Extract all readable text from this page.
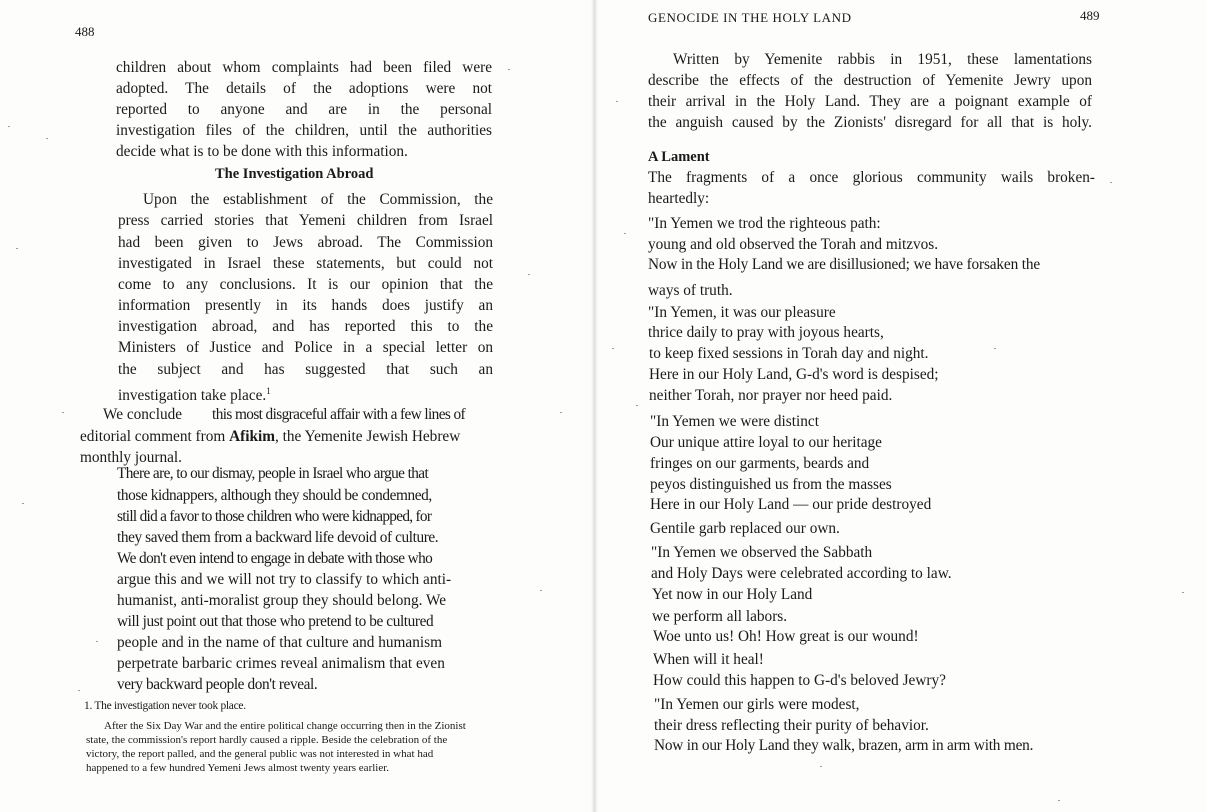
488
children about whom complaints had been filed were
adopted. The details of the adoptions were not
reported to anyone and are in the personal
investigation files of the children, until the authorities
decide what is to be done with this information.
The Investigation Abroad
Upon the establishment of the Commission, the
press carried stories that Yemeni children from Israel
had been given to Jews abroad. The Commission
investigated in Israel these statements, but could not
come to any conclusions. It is our opinion that the
information presently in its hands does justify an
investigation abroad, and has reported this to the
Ministers of Justice and Police in a special letter on
the subject and has suggested that such an
investigation take place.$^1$
We conclude this most disgraceful affair with a few lines of
editorial comment from Afikim, the Yemenite Jewish Hebrew
monthly journal.
There are, to our dismay, people in Israel who argue that
those kidnappers, although they should be condemned,
still did a favor to those children who were kidnapped, for
they saved them from a backward life devoid of culture.
We don't even intend to engage in debate with those who
argue this and we will not try to classify to which anti-
humanist, anti-moralist group they should belong. We
will just point out that those who pretend to be cultured
people and in the name of that culture and humanism
perpetrate barbaric crimes reveal animalism that even
very backward people don't reveal.
1. The investigation never took place.
After the Six Day War and the entire political change occurring then in the Zionist
state, the commission's report hardly caused a ripple. Beside the celebration of the
victory, the report palled, and the general public was not interested in what had
happened to a few hundred Yemeni Jews almost twenty years earlier.
GENOCIDE IN THE HOLY LAND	489
Written by Yemenite rabbis in 1951, these lamentations
describe the effects of the destruction of Yemenite Jewry upon
their arrival in the Holy Land. They are a poignant example of
the anguish caused by the Zionists' disregard for all that is holy.
A Lament
The fragments of a once glorious community wails broken-
heartedly:
"In Yemen we trod the righteous path:
young and old observed the Torah and mitzvos.
Now in the Holy Land we are disillusioned; we have forsaken the
ways of truth.
"In Yemen, it was our pleasure
thrice daily to pray with joyous hearts,
to keep fixed sessions in Torah day and night.
Here in our Holy Land, G-d's word is despised;
neither Torah, nor prayer nor heed paid.
"In Yemen we were distinct
Our unique attire loyal to our heritage
fringes on our garments, beards and
peyos distinguished us from the masses
Here in our Holy Land — our pride destroyed
Gentile garb replaced our own.
"In Yemen we observed the Sabbath
and Holy Days were celebrated according to law.
Yet now in our Holy Land
we perform all labors.
Woe unto us! Oh! How great is our wound!
When will it heal!
How could this happen to G-d's beloved Jewry?
"In Yemen our girls were modest,
their dress reflecting their purity of behavior.
Now in our Holy Land they walk, brazen, arm in arm with men.
